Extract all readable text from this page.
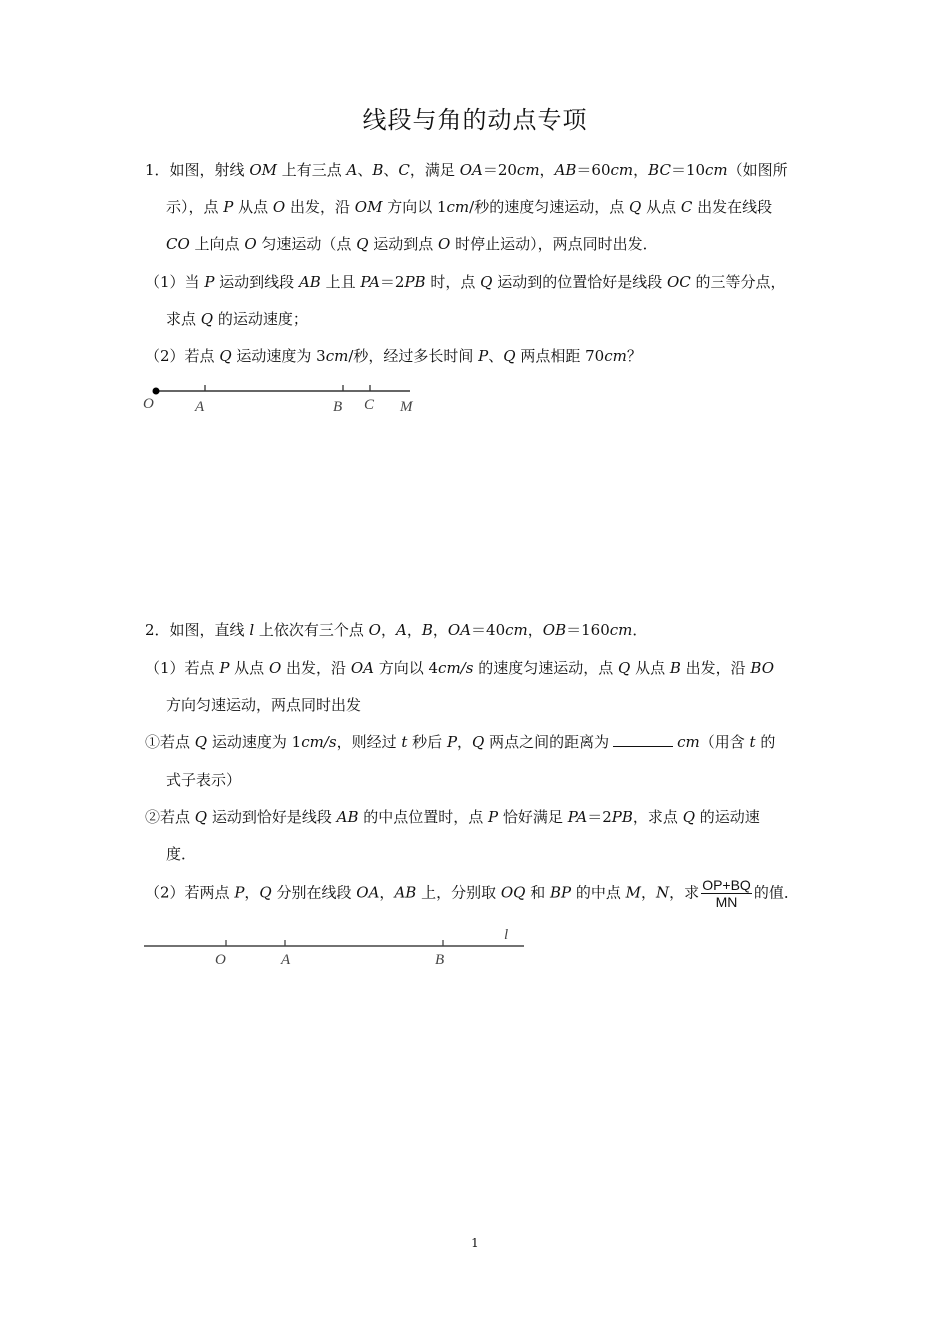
线段与角的动点专项
1．如图，射线 OM 上有三点 A、B、C，满足 OA＝20cm，AB＝60cm，BC＝10cm（如图所
示），点 P 从点 O 出发，沿 OM 方向以 1cm/秒的速度匀速运动，点 Q 从点 C 出发在线段
CO 上向点 O 匀速运动（点 Q 运动到点 O 时停止运动），两点同时出发．
（1）当 P 运动到线段 AB 上且 PA＝2PB 时，点 Q 运动到的位置恰好是线段 OC 的三等分点，
求点 Q 的运动速度；
（2）若点 Q 运动速度为 3cm/秒，经过多长时间 P、Q 两点相距 70cm？
O	A	B C M
2．如图，直线 l 上依次有三个点 O，A，B，OA＝40cm，OB＝160cm．
（1）若点 P 从点 O 出发，沿 OA 方向以 4cm/s 的速度匀速运动，点 Q 从点 B 出发，沿 BO
方向匀速运动，两点同时出发
①若点 Q 运动速度为 1cm/s，则经过 t 秒后 P，Q 两点之间的距离为	cm（用含 t 的
式子表示）
②若点 Q 运动到恰好是线段 AB 的中点位置时，点 P 恰好满足 PA＝2PB，求点 Q 的运动速
度．
（2）若两点 P，Q 分别在线段 OA，AB 上，分别取 OQ 和 BP 的中点 M，N，求 $\frac{OP+BQ}{MN}$ 的值．
O	A	B
l
1
